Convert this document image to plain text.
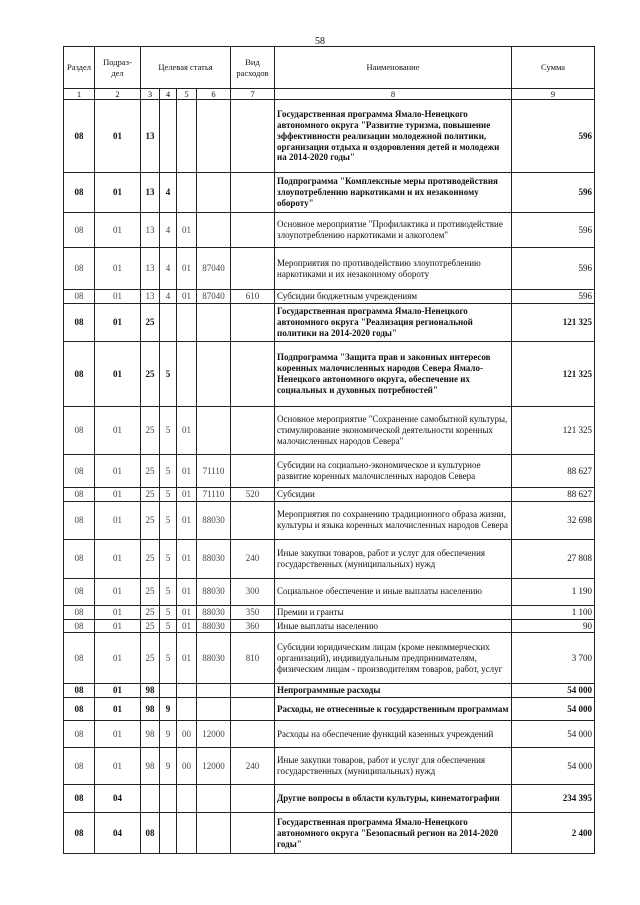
58
Раздел	Подраз-дел	Целевая статья				Вид расходов	Наименование	Сумма
1	2	3	4	5	6	7	8	9
08	01	13					Государственная программа Ямало-Ненецкого автономного округа "Развитие туризма, повышение эффективности реализации молодежной политики, организация отдыха и оздоровления детей и молодежи на 2014-2020 годы"	596
08	01	13	4				Подпрограмма "Комплексные меры противодействия злоупотреблению наркотиками и их незаконному обороту"	596
08	01	13	4	01			Основное мероприятие "Профилактика и противодействие злоупотреблению наркотиками и алкоголем"	596
08	01	13	4	01	87040		Мероприятия по противодействию злоупотреблению наркотиками и их незаконному обороту	596
08	01	13	4	01	87040	610	Субсидии бюджетным учреждениям	596
08	01	25					Государственная программа Ямало-Ненецкого автономного округа "Реализация региональной политики на 2014-2020 годы"	121 325
08	01	25	5				Подпрограмма "Защита прав и законных интересов коренных малочисленных народов Севера Ямало-Ненецкого автономного округа, обеспечение их социальных и духовных потребностей"	121 325
08	01	25	5	01			Основное мероприятие "Сохранение самобытной культуры, стимулирование экономической деятельности коренных малочисленных народов Севера"	121 325
08	01	25	5	01	71110		Субсидии на социально-экономическое и культурное развитие коренных малочисленных народов Севера	88 627
08	01	25	5	01	71110	520	Субсидии	88 627
08	01	25	5	01	88030		Мероприятия по сохранению традиционного образа жизни, культуры и языка коренных малочисленных народов Севера	32 698
08	01	25	5	01	88030	240	Иные закупки товаров, работ и услуг для обеспечения государственных (муниципальных) нужд	27 808
08	01	25	5	01	88030	300	Социальное обеспечение и иные выплаты населению	1 190
08	01	25	5	01	88030	350	Премии и гранты	1 100
08	01	25	5	01	88030	360	Иные выплаты населению	90
08	01	25	5	01	88030	810	Субсидии юридическим лицам (кроме некоммерческих организаций), индивидуальным предпринимателям, физическим лицам - производителям товаров, работ, услуг	3 700
08	01	98					Непрограммные расходы	54 000
08	01	98	9				Расходы, не отнесенные к государственным программам	54 000
08	01	98	9	00	12000		Расходы на обеспечение функций казенных учреждений	54 000
08	01	98	9	00	12000	240	Иные закупки товаров, работ и услуг для обеспечения государственных (муниципальных) нужд	54 000
08	04						Другие вопросы в области культуры, кинематографии	234 395
08	04	08					Государственная программа Ямало-Ненецкого автономного округа "Безопасный регион на 2014-2020 годы"	2 400
